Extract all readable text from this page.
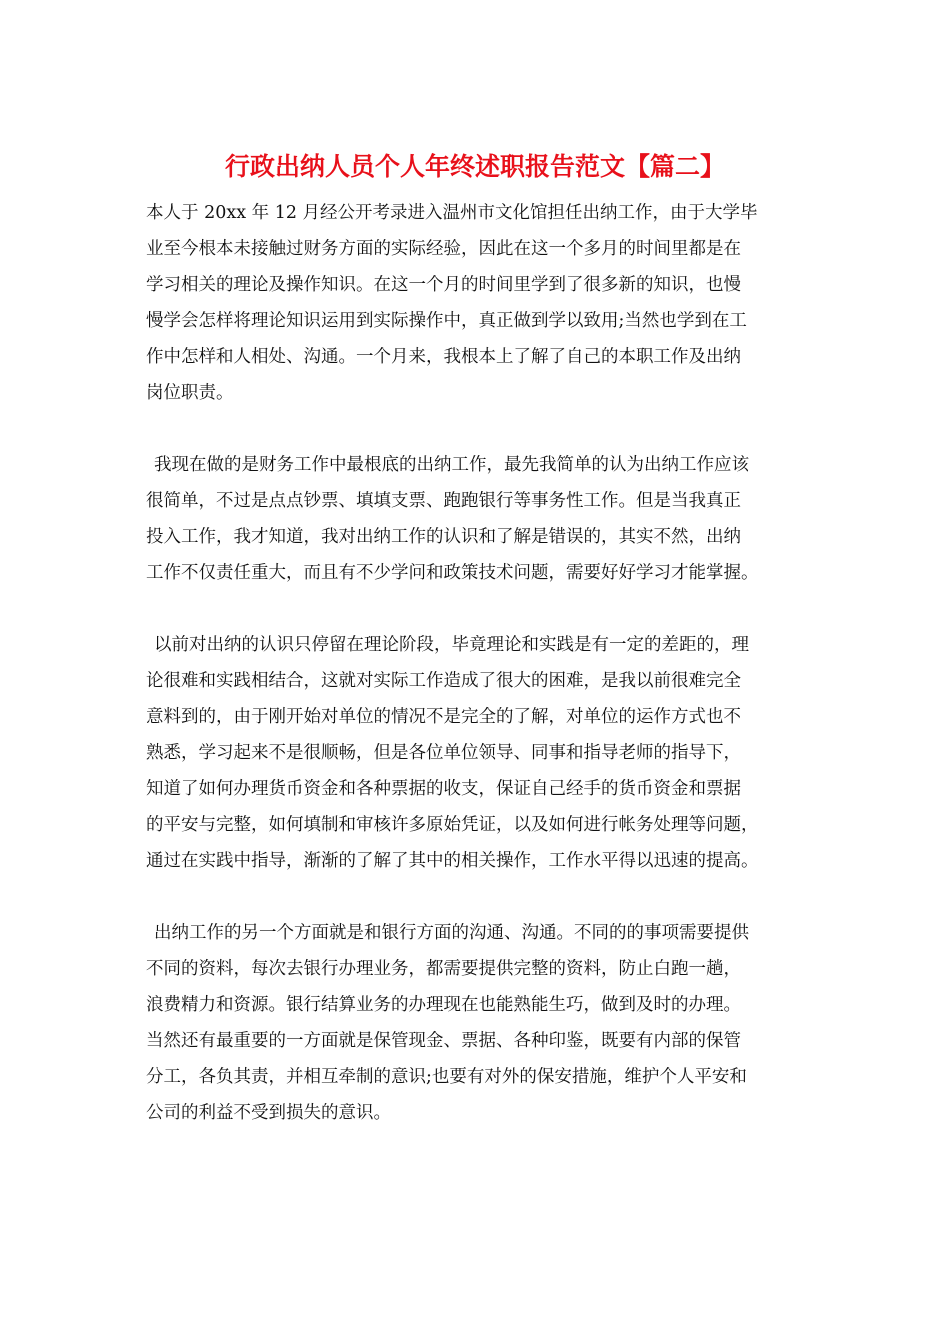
行政出纳人员个人年终述职报告范文【篇二】
本人于 20xx 年 12 月经公开考录进入温州市文化馆担任出纳工作，由于大学毕
业至今根本未接触过财务方面的实际经验，因此在这一个多月的时间里都是在
学习相关的理论及操作知识。在这一个月的时间里学到了很多新的知识，也慢
慢学会怎样将理论知识运用到实际操作中，真正做到学以致用;当然也学到在工
作中怎样和人相处、沟通。一个月来，我根本上了解了自己的本职工作及出纳
岗位职责。
我现在做的是财务工作中最根底的出纳工作，最先我简单的认为出纳工作应该
很简单，不过是点点钞票、填填支票、跑跑银行等事务性工作。但是当我真正
投入工作，我才知道，我对出纳工作的认识和了解是错误的，其实不然，出纳
工作不仅责任重大，而且有不少学问和政策技术问题，需要好好学习才能掌握。
以前对出纳的认识只停留在理论阶段，毕竟理论和实践是有一定的差距的，理
论很难和实践相结合，这就对实际工作造成了很大的困难，是我以前很难完全
意料到的，由于刚开始对单位的情况不是完全的了解，对单位的运作方式也不
熟悉，学习起来不是很顺畅，但是各位单位领导、同事和指导老师的指导下，
知道了如何办理货币资金和各种票据的收支，保证自己经手的货币资金和票据
的平安与完整，如何填制和审核许多原始凭证，以及如何进行帐务处理等问题，
通过在实践中指导，渐渐的了解了其中的相关操作，工作水平得以迅速的提高。
出纳工作的另一个方面就是和银行方面的沟通、沟通。不同的的事项需要提供
不同的资料，每次去银行办理业务，都需要提供完整的资料，防止白跑一趟，
浪费精力和资源。银行结算业务的办理现在也能熟能生巧，做到及时的办理。
当然还有最重要的一方面就是保管现金、票据、各种印鉴，既要有内部的保管
分工，各负其责，并相互牵制的意识;也要有对外的保安措施，维护个人平安和
公司的利益不受到损失的意识。
